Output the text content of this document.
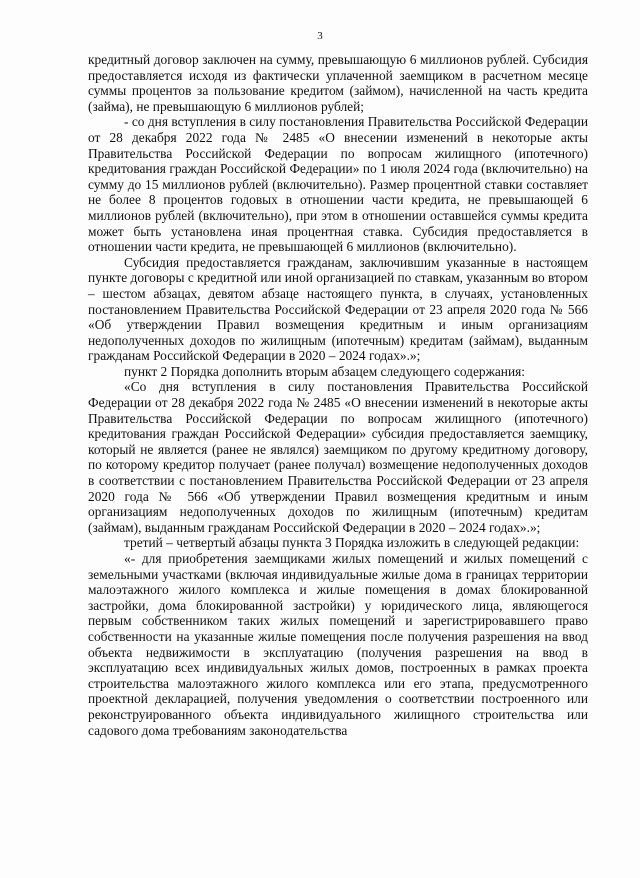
3

кредитный договор заключен на сумму, превышающую 6 миллионов рублей. Субсидия предоставляется исходя из фактически уплаченной заемщиком в расчетном месяце суммы процентов за пользование кредитом (займом), начисленной на часть кредита (займа), не превышающую 6 миллионов рублей;

- со дня вступления в силу постановления Правительства Российской Федерации от 28 декабря 2022 года № 2485 «О внесении изменений в некоторые акты Правительства Российской Федерации по вопросам жилищного (ипотечного) кредитования граждан Российской Федерации» по 1 июля 2024 года (включительно) на сумму до 15 миллионов рублей (включительно). Размер процентной ставки составляет не более 8 процентов годовых в отношении части кредита, не превышающей 6 миллионов рублей (включительно), при этом в отношении оставшейся суммы кредита может быть установлена иная процентная ставка. Субсидия предоставляется в отношении части кредита, не превышающей 6 миллионов (включительно).

Субсидия предоставляется гражданам, заключившим указанные в настоящем пункте договоры с кредитной или иной организацией по ставкам, указанным во втором – шестом абзацах, девятом абзаце настоящего пункта, в случаях, установленных постановлением Правительства Российской Федерации от 23 апреля 2020 года № 566 «Об утверждении Правил возмещения кредитным и иным организациям недополученных доходов по жилищным (ипотечным) кредитам (займам), выданным гражданам Российской Федерации в 2020 – 2024 годах».»;

пункт 2 Порядка дополнить вторым абзацем следующего содержания:

«Со дня вступления в силу постановления Правительства Российской Федерации от 28 декабря 2022 года № 2485 «О внесении изменений в некоторые акты Правительства Российской Федерации по вопросам жилищного (ипотечного) кредитования граждан Российской Федерации» субсидия предоставляется заемщику, который не является (ранее не являлся) заемщиком по другому кредитному договору, по которому кредитор получает (ранее получал) возмещение недополученных доходов в соответствии с постановлением Правительства Российской Федерации от 23 апреля 2020 года № 566 «Об утверждении Правил возмещения кредитным и иным организациям недополученных доходов по жилищным (ипотечным) кредитам (займам), выданным гражданам Российской Федерации в 2020 – 2024 годах».»;

третий – четвертый абзацы пункта 3 Порядка изложить в следующей редакции:

«- для приобретения заемщиками жилых помещений и жилых помещений с земельными участками (включая индивидуальные жилые дома в границах территории малоэтажного жилого комплекса и жилые помещения в домах блокированной застройки, дома блокированной застройки) у юридического лица, являющегося первым собственником таких жилых помещений и зарегистрировавшего право собственности на указанные жилые помещения после получения разрешения на ввод объекта недвижимости в эксплуатацию (получения разрешения на ввод в эксплуатацию всех индивидуальных жилых домов, построенных в рамках проекта строительства малоэтажного жилого комплекса или его этапа, предусмотренного проектной декларацией, получения уведомления о соответствии построенного или реконструированного объекта индивидуального жилищного строительства или садового дома требованиям законодательства
